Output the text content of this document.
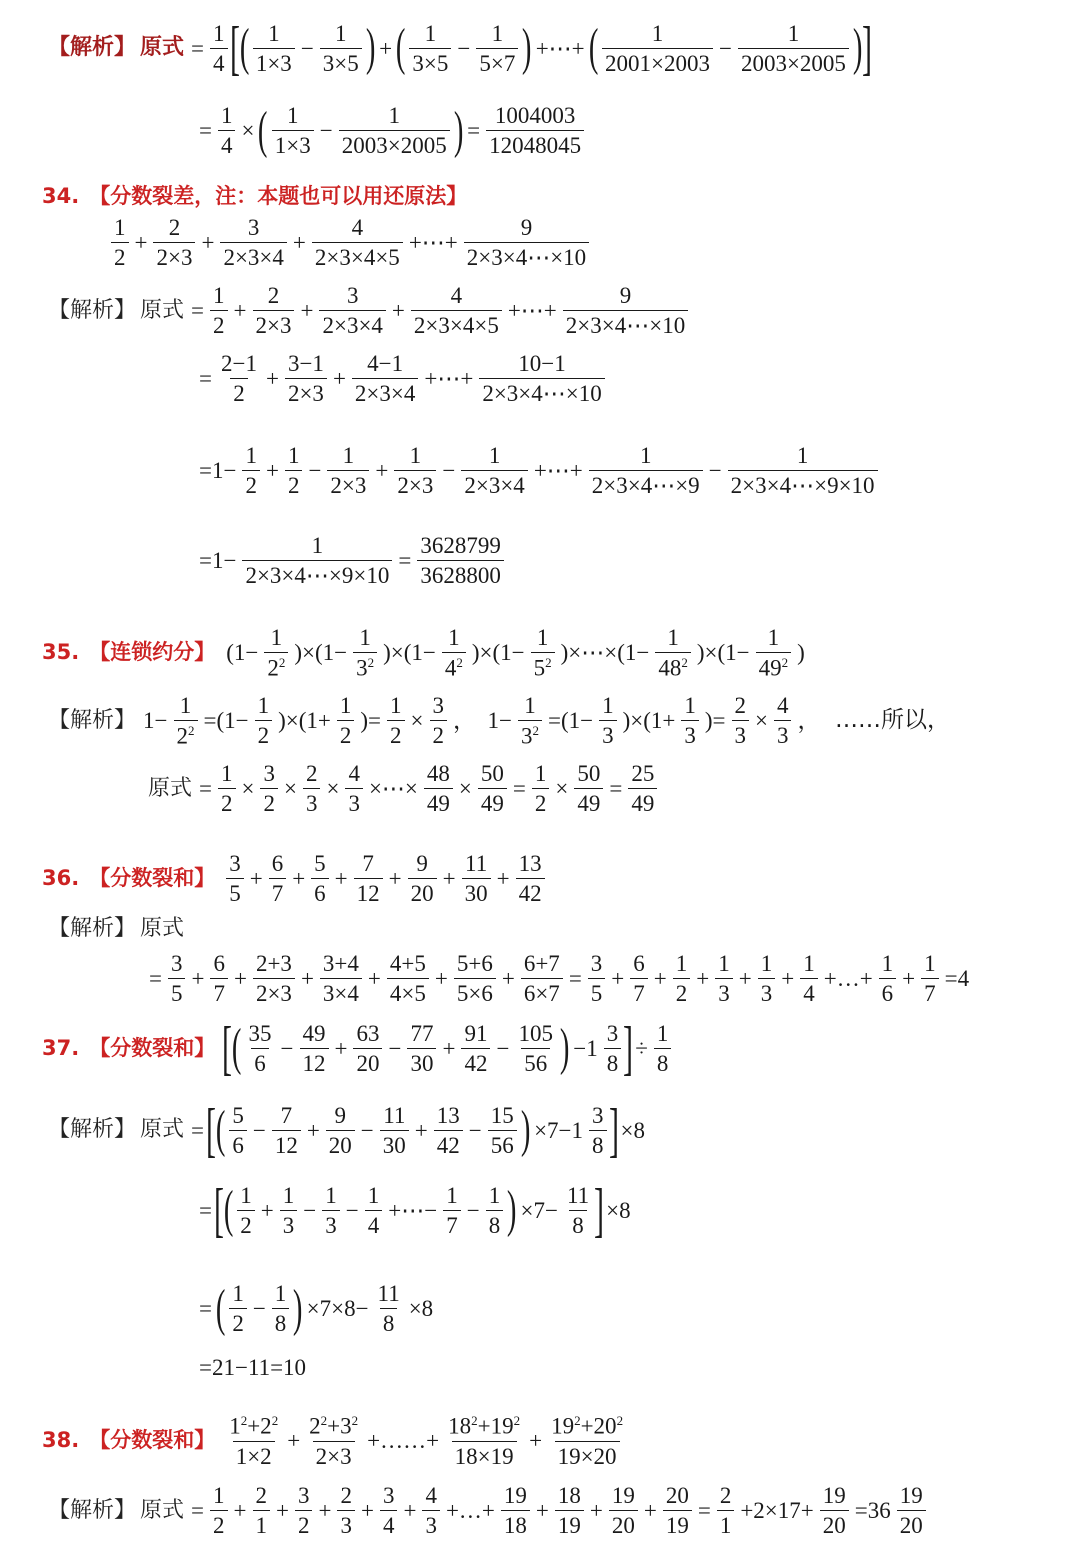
【解析】 原式 = $\frac{1}{4}$ [ ( 1
1×3
− $\frac{1}{3\times 5}$ ) + ( 1
3×5
− $\frac{1}{5\times 7}$ ) +⋯+ ( 1
2001×2003
− $\frac{1}{2003\times 2005}$ ) ]
= $\frac{1}{4}$ × ( 1
1×3
− $\frac{1}{2003\times 2005}$ ) = $\frac{1004003}{12048045}$
34. 【分数裂差，注：本题也可以用还原法】
1
2
+ $\frac{2}{2\times 3} + \frac{3}{2\times 3\times 4} + \frac{4}{2\times 3\times 4\times 5}$ +⋯+ $\frac{9}{2\times 3\times 4\cdots\times 10}$
【解析】 原式 = $\frac{1}{2} + \frac{2}{2\times 3} + \frac{3}{2\times 3\times 4} + \frac{4}{2\times 3\times 4\times 5}$ +⋯+ $\frac{9}{2\times 3\times 4\cdots\times 10}$
= $\frac{2-1}{2} + \frac{3-1}{2\times 3} + \frac{4-1}{2\times 3\times 4}$ +⋯+ $\frac{10-1}{2\times 3\times 4\cdots\times 10}$
$=1- \frac{1}{2} + \frac{1}{2} - \frac{1}{2\times 3} + \frac{1}{2\times 3} - \frac{1}{2\times 3\times 4}$ +⋯+ $\frac{1}{2\times 3\times 4\cdots\times 9} - \frac{1}{2\times 3\times 4\cdots\times 9\times 10}$
$=1- \frac{1}{2\times 3\times 4\cdots\times 9\times 10} = \frac{3628799}{3628800}$
35. 【连锁约分】 $(1- \frac{1}{2^2} )\times(1- \frac{1}{3^2} )\times(1- \frac{1}{4^2} )\times(1- \frac{1}{5^2}$ )×⋯×(1− $\frac{1}{48^2} )\times(1- \frac{1}{49^2}$ )
【解析】 $1- \frac{1}{2^2} =(1- \frac{1}{2} )\times(1+ \frac{1}{2}$ )= $\frac{1}{2} \times \frac{3}{2}$ ，  $1- \frac{1}{3^2} =(1- \frac{1}{3} )\times(1+ \frac{1}{3}$ )= $\frac{2}{3} \times \frac{4}{3}$ ， ……所以，
原式 = $\frac{1}{2} \times \frac{3}{2} \times \frac{2}{3} \times \frac{4}{3}$ ×⋯× $\frac{48}{49} \times \frac{50}{49} = \frac{1}{2} \times \frac{50}{49} = \frac{25}{49}$
36. 【分数裂和】
3
5
+ $\frac{6}{7} + \frac{5}{6} + \frac{7}{12} + \frac{9}{20} + \frac{11}{30} + \frac{13}{42}$
【解析】 原式
= $\frac{3}{5} + \frac{6}{7} + \frac{2+3}{2\times 3} + \frac{3+4}{3\times 4} + \frac{4+5}{4\times 5} + \frac{5+6}{5\times 6} + \frac{6+7}{6\times 7} = \frac{3}{5} + \frac{6}{7} + \frac{1}{2} + \frac{1}{3} + \frac{1}{3} + \frac{1}{4}$ +…+ $\frac{1}{6} + \frac{1}{7} =4$
37. 【分数裂和】 [ ( 35
6
− $\frac{49}{12} + \frac{63}{20} - \frac{77}{30} + \frac{91}{42} - \frac{105}{56}$ ) −1
3
8 ] ÷ $\frac{1}{8}$
【解析】 原式 = [ ( 5
6
− $\frac{7}{12} + \frac{9}{20} - \frac{11}{30} + \frac{13}{42} - \frac{15}{56}$ ) ×7−1
3
8 ] ×8
= [ ( 1
2
+ $\frac{1}{3} - \frac{1}{3} - \frac{1}{4}$ +⋯− $\frac{1}{7} - \frac{1}{8}$ ) $\times 7- \frac{11}{8}$ ] ×8
= ( 1
2
− $\frac{1}{8}$ ) $\times 7\times 8- \frac{11}{8} \times 8$
=21−11=10
38. 【分数裂和】
$1^2+2^2$
1×2
+ $\frac{2^2+3^2}{2\times 3}$ +……+ $\frac{18^2+19^2}{18\times 19} + \frac{19^2+20^2}{19\times 20}$
【解析】 原式 = $\frac{1}{2} + \frac{2}{1} + \frac{3}{2} + \frac{2}{3} + \frac{3}{4} + \frac{4}{3}$ +…+ $\frac{19}{18} + \frac{18}{19} + \frac{19}{20} + \frac{20}{19} = \frac{2}{1} +2\times 17+ \frac{19}{20} =36$
19
20
